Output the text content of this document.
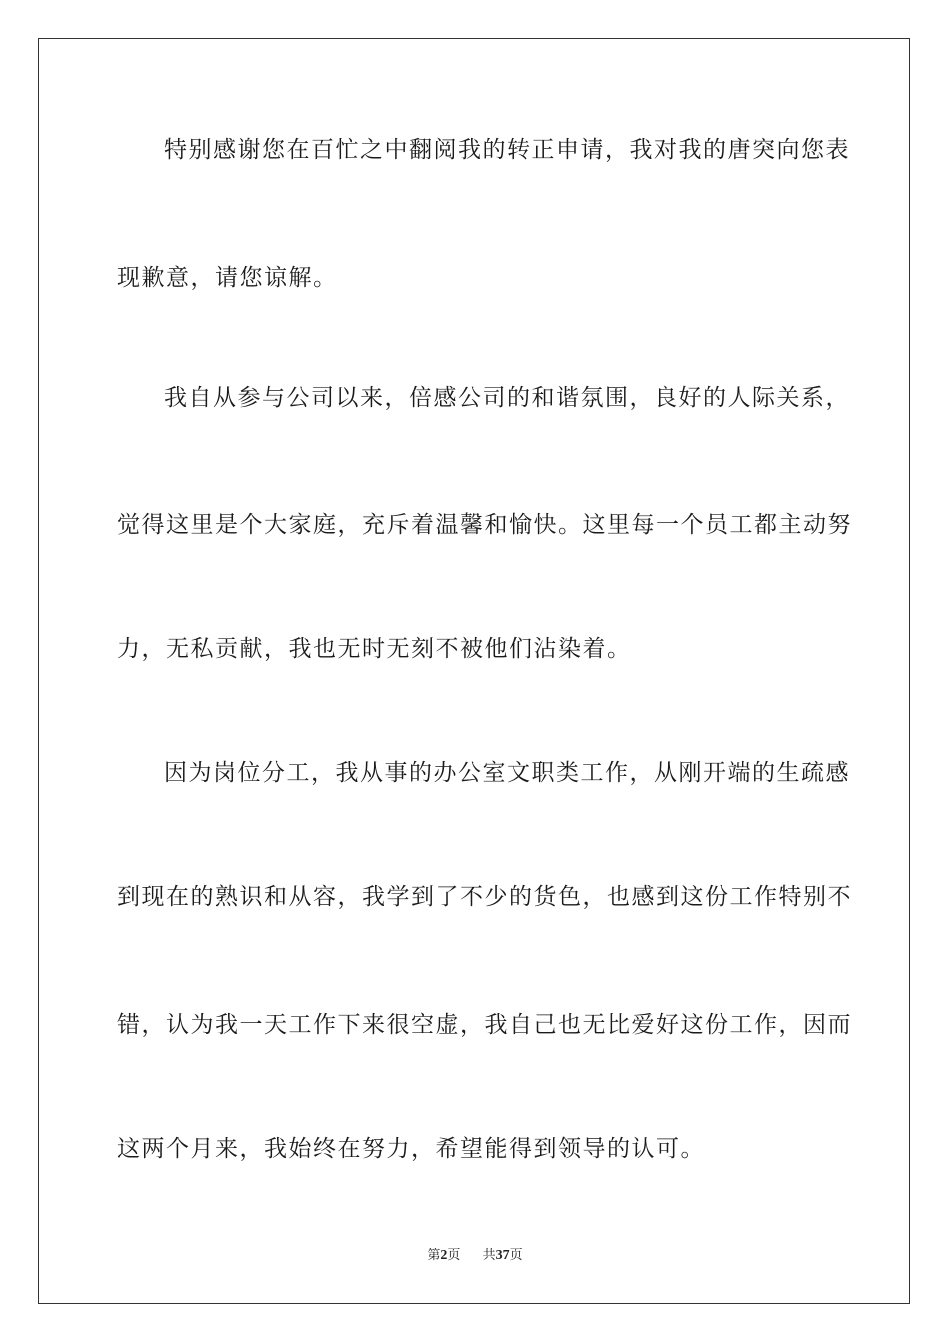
特别感谢您在百忙之中翻阅我的转正申请，我对我的唐突向您表
现歉意，请您谅解。
我自从参与公司以来，倍感公司的和谐氛围，良好的人际关系，
觉得这里是个大家庭，充斥着温馨和愉快。这里每一个员工都主动努
力，无私贡献，我也无时无刻不被他们沾染着。
因为岗位分工，我从事的办公室文职类工作，从刚开端的生疏感
到现在的熟识和从容，我学到了不少的货色，也感到这份工作特别不
错，认为我一天工作下来很空虚，我自己也无比爱好这份工作，因而
这两个月来，我始终在努力，希望能得到领导的认可。
第2页 共37页
